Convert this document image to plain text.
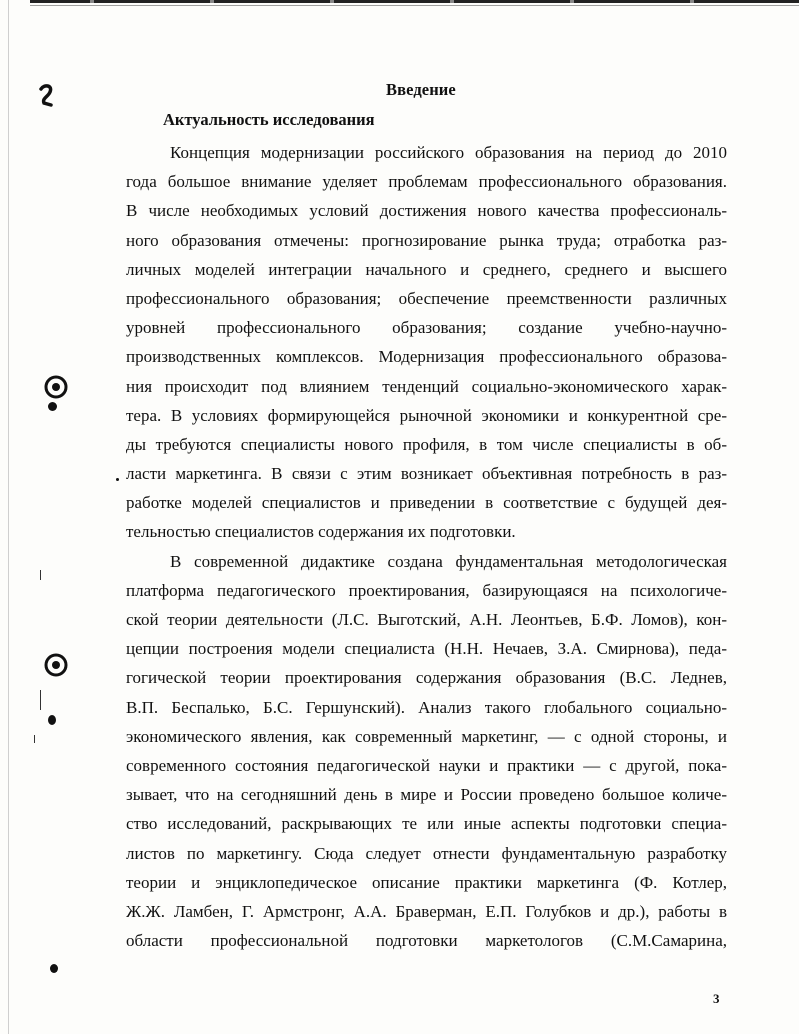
Введение
Актуальность исследования
Концепция модернизации российского образования на период до 2010
года большое внимание уделяет проблемам профессионального образования.
В числе необходимых условий достижения нового качества профессиональ-
ного образования отмечены: прогнозирование рынка труда; отработка раз-
личных моделей интеграции начального и среднего, среднего и высшего
профессионального образования; обеспечение преемственности различных
уровней профессионального образования; создание учебно-научно-
производственных комплексов. Модернизация профессионального образова-
ния происходит под влиянием тенденций социально-экономического харак-
тера. В условиях формирующейся рыночной экономики и конкурентной сре-
ды требуются специалисты нового профиля, в том числе специалисты в об-
ласти маркетинга. В связи с этим возникает объективная потребность в раз-
работке моделей специалистов и приведении в соответствие с будущей дея-
тельностью специалистов содержания их подготовки.
В современной дидактике создана фундаментальная методологическая
платформа педагогического проектирования, базирующаяся на психологиче-
ской теории деятельности (Л.С. Выготский, А.Н. Леонтьев, Б.Ф. Ломов), кон-
цепции построения модели специалиста (Н.Н. Нечаев, З.А. Смирнова), педа-
гогической теории проектирования содержания образования (В.С. Леднев,
В.П. Беспалько, Б.С. Гершунский). Анализ такого глобального социально-
экономического явления, как современный маркетинг, — с одной стороны, и
современного состояния педагогической науки и практики — с другой, пока-
зывает, что на сегодняшний день в мире и России проведено большое количе-
ство исследований, раскрывающих те или иные аспекты подготовки специа-
листов по маркетингу. Сюда следует отнести фундаментальную разработку
теории и энциклопедическое описание практики маркетинга (Ф. Котлер,
Ж.Ж. Ламбен, Г. Армстронг, А.А. Браверман, Е.П. Голубков и др.), работы в
области профессиональной подготовки маркетологов (С.М.Самарина,
3
